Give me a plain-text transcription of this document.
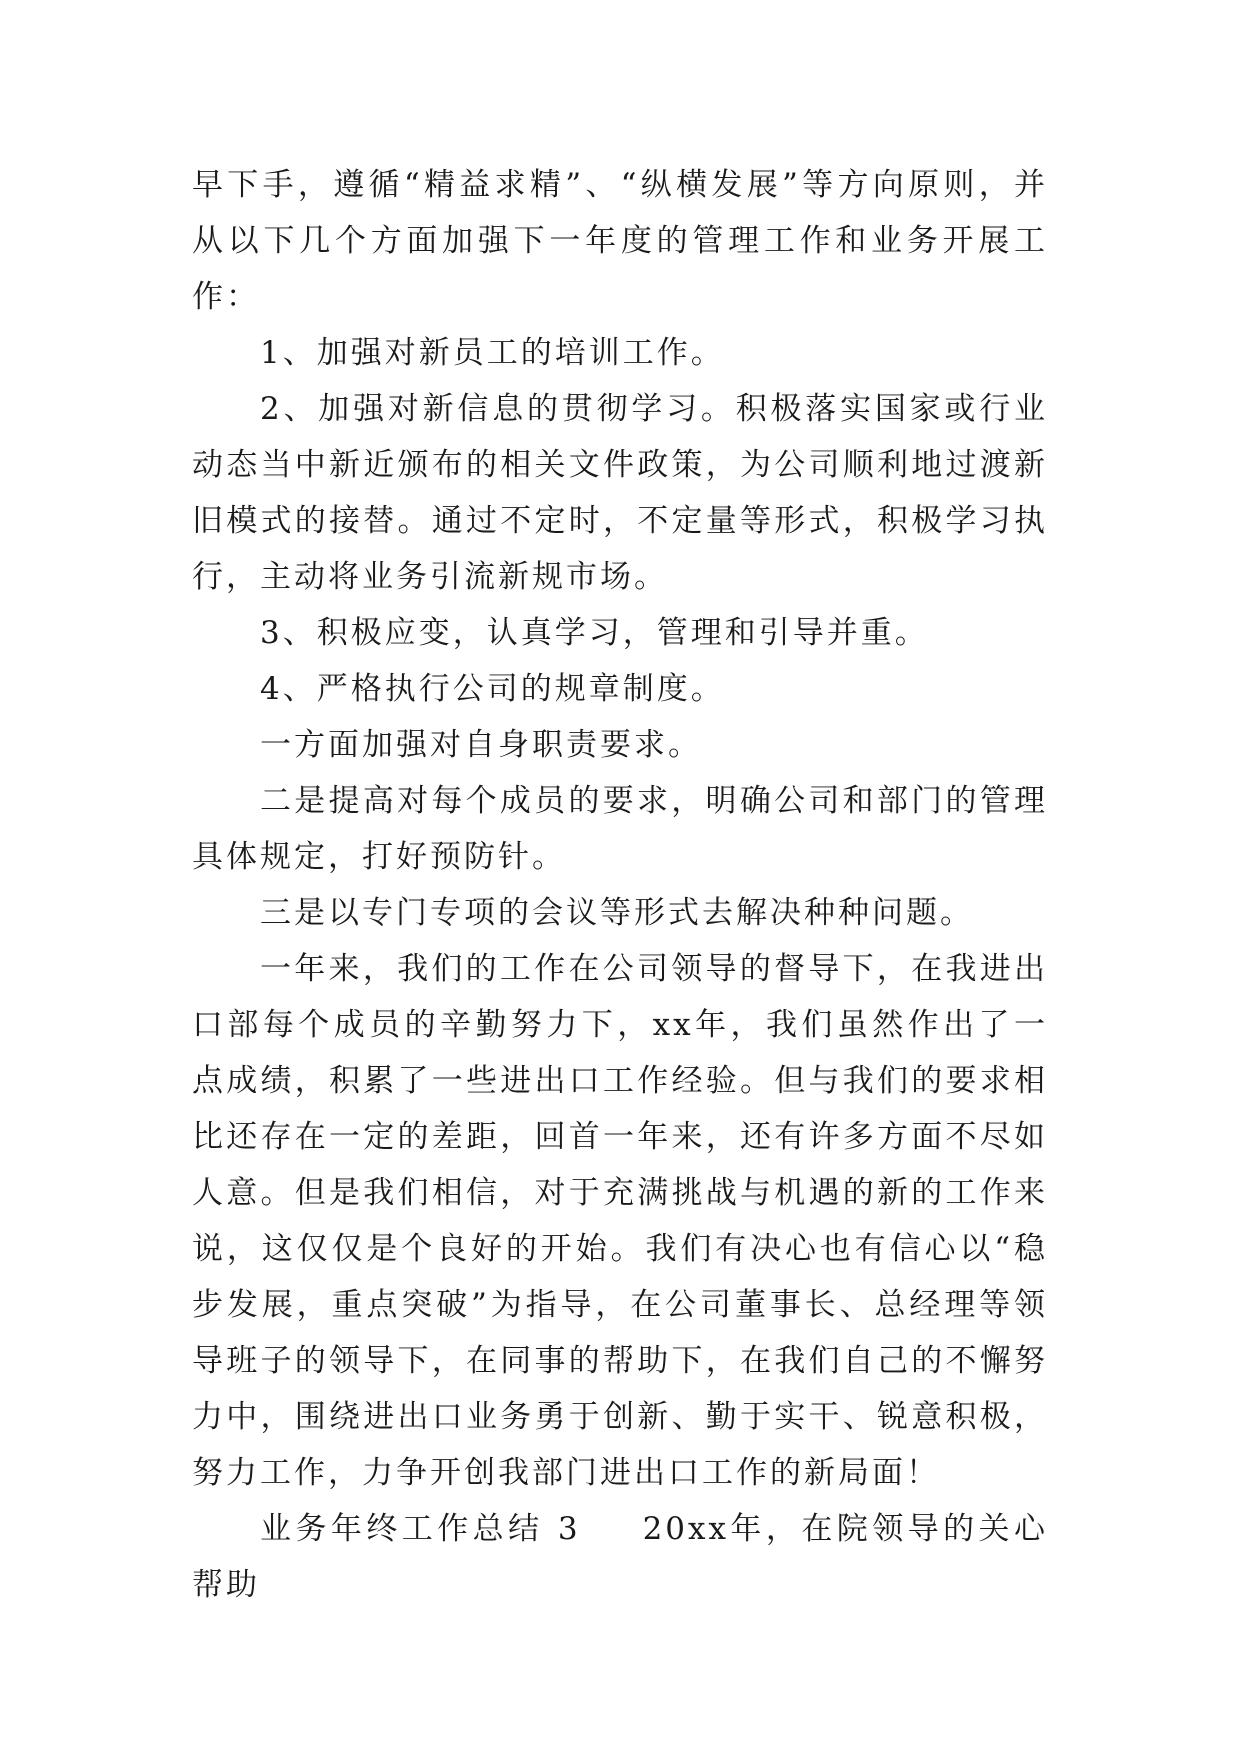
早下手，遵循“精益求精”、“纵横发展”等方向原则，并从以下几个方面加强下一年度的管理工作和业务开展工作：

1、加强对新员工的培训工作。

2、加强对新信息的贯彻学习。积极落实国家或行业动态当中新近颁布的相关文件政策，为公司顺利地过渡新旧模式的接替。通过不定时，不定量等形式，积极学习执行，主动将业务引流新规市场。

3、积极应变，认真学习，管理和引导并重。

4、严格执行公司的规章制度。

一方面加强对自身职责要求。

二是提高对每个成员的要求，明确公司和部门的管理具体规定，打好预防针。

三是以专门专项的会议等形式去解决种种问题。

一年来，我们的工作在公司领导的督导下，在我进出口部每个成员的辛勤努力下，xx年，我们虽然作出了一点成绩，积累了一些进出口工作经验。但与我们的要求相比还存在一定的差距，回首一年来，还有许多方面不尽如人意。但是我们相信，对于充满挑战与机遇的新的工作来说，这仅仅是个良好的开始。我们有决心也有信心以“稳步发展，重点突破”为指导，在公司董事长、总经理等领导班子的领导下，在同事的帮助下，在我们自己的不懈努力中，围绕进出口业务勇于创新、勤于实干、锐意积极，努力工作，力争开创我部门进出口工作的新局面！

业务年终工作总结 3 20xx年，在院领导的关心帮助
